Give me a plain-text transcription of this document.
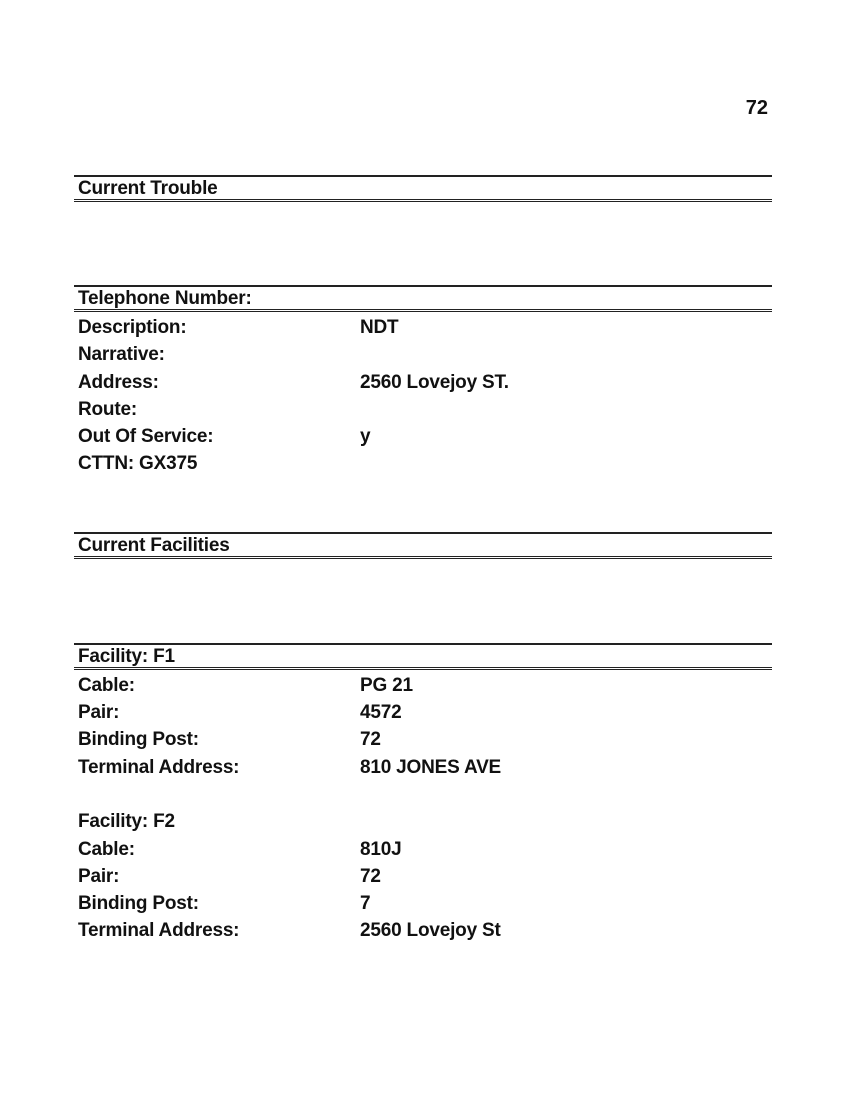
72
Current Trouble
Telephone Number:
Description:	NDT
Narrative:
Address:	2560 Lovejoy ST.
Route:
Out Of Service:	y
CTTN: GX375
Current Facilities
Facility: F1
Cable:	PG 21
Pair:	4572
Binding Post:	72
Terminal Address:	810 JONES AVE
Facility: F2
Cable:	810J
Pair:	72
Binding Post:	7
Terminal Address:	2560 Lovejoy St
